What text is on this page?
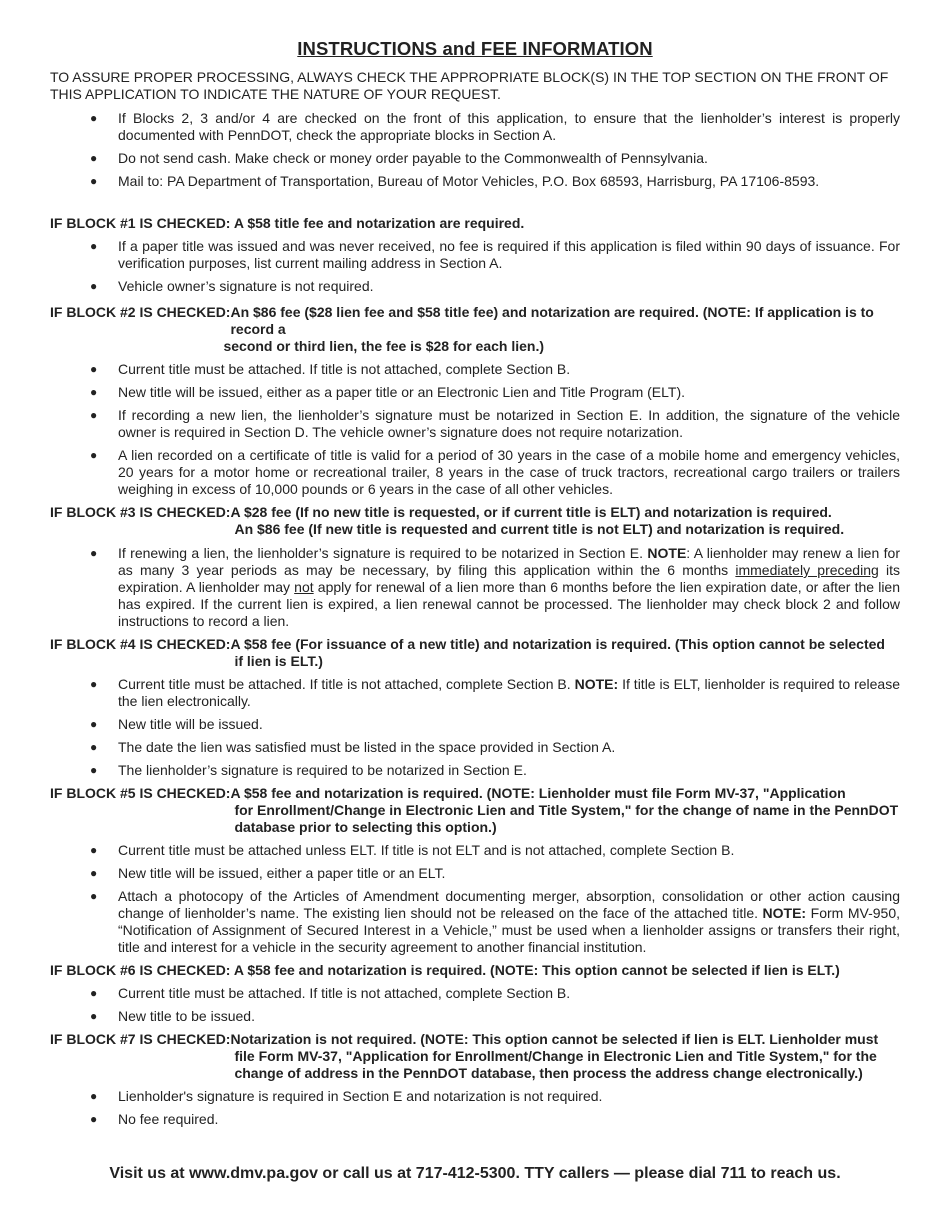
INSTRUCTIONS and FEE INFORMATION

TO ASSURE PROPER PROCESSING, ALWAYS CHECK THE APPROPRIATE BLOCK(S) IN THE TOP SECTION ON THE FRONT OF THIS APPLICATION TO INDICATE THE NATURE OF YOUR REQUEST.

● If Blocks 2, 3 and/or 4 are checked on the front of this application, to ensure that the lienholder’s interest is properly documented with PennDOT, check the appropriate blocks in Section A.
● Do not send cash. Make check or money order payable to the Commonwealth of Pennsylvania.
● Mail to: PA Department of Transportation, Bureau of Motor Vehicles, P.O. Box 68593, Harrisburg, PA 17106-8593.

IF BLOCK #1 IS CHECKED: A $58 title fee and notarization are required.

● If a paper title was issued and was never received, no fee is required if this application is filed within 90 days of issuance. For verification purposes, list current mailing address in Section A.
● Vehicle owner’s signature is not required.
IF BLOCK #2 IS CHECKED: An $86 fee ($28 lien fee and $58 title fee) and notarization are required. (NOTE: If application is to record a
second or third lien, the fee is $28 for each lien.)
● Current title must be attached. If title is not attached, complete Section B.
● New title will be issued, either as a paper title or an Electronic Lien and Title Program (ELT).
● If recording a new lien, the lienholder’s signature must be notarized in Section E. In addition, the signature of the vehicle owner is required in Section D. The vehicle owner’s signature does not require notarization.
● A lien recorded on a certificate of title is valid for a period of 30 years in the case of a mobile home and emergency vehicles, 20 years for a motor home or recreational trailer, 8 years in the case of truck tractors, recreational cargo trailers or trailers weighing in excess of 10,000 pounds or 6 years in the case of all other vehicles.
IF BLOCK #3 IS CHECKED: A $28 fee (If no new title is requested, or if current title is ELT) and notarization is required.
An $86 fee (If new title is requested and current title is not ELT) and notarization is required.
● If renewing a lien, the lienholder’s signature is required to be notarized in Section E. NOTE: A lienholder may renew a lien for as many 3 year periods as may be necessary, by filing this application within the 6 months immediately preceding its expiration. A lienholder may not apply for renewal of a lien more than 6 months before the lien expiration date, or after the lien has expired. If the current lien is expired, a lien renewal cannot be processed. The lienholder may check block 2 and follow instructions to record a lien.
IF BLOCK #4 IS CHECKED: A $58 fee (For issuance of a new title) and notarization is required. (This option cannot be selected
if lien is ELT.)
● Current title must be attached. If title is not attached, complete Section B. NOTE: If title is ELT, lienholder is required to release the lien electronically.
● New title will be issued.
● The date the lien was satisfied must be listed in the space provided in Section A.
● The lienholder’s signature is required to be notarized in Section E.
IF BLOCK #5 IS CHECKED: A $58 fee and notarization is required. (NOTE: Lienholder must file Form MV-37, "Application
for Enrollment/Change in Electronic Lien and Title System," for the change of name in the PennDOT
database prior to selecting this option.)
● Current title must be attached unless ELT. If title is not ELT and is not attached, complete Section B.
● New title will be issued, either a paper title or an ELT.
● Attach a photocopy of the Articles of Amendment documenting merger, absorption, consolidation or other action causing change of lienholder’s name. The existing lien should not be released on the face of the attached title. NOTE: Form MV-950, “Notification of Assignment of Secured Interest in a Vehicle,” must be used when a lienholder assigns or transfers their right, title and interest for a vehicle in the security agreement to another financial institution.

IF BLOCK #6 IS CHECKED: A $58 fee and notarization is required. (NOTE: This option cannot be selected if lien is ELT.)

● Current title must be attached. If title is not attached, complete Section B.
● New title to be issued.
IF BLOCK #7 IS CHECKED: Notarization is not required. (NOTE: This option cannot be selected if lien is ELT. Lienholder must
file Form MV-37, "Application for Enrollment/Change in Electronic Lien and Title System," for the
change of address in the PennDOT database, then process the address change electronically.)
● Lienholder's signature is required in Section E and notarization is not required.
● No fee required.
Visit us at www.dmv.pa.gov or call us at 717-412-5300. TTY callers — please dial 711 to reach us.
